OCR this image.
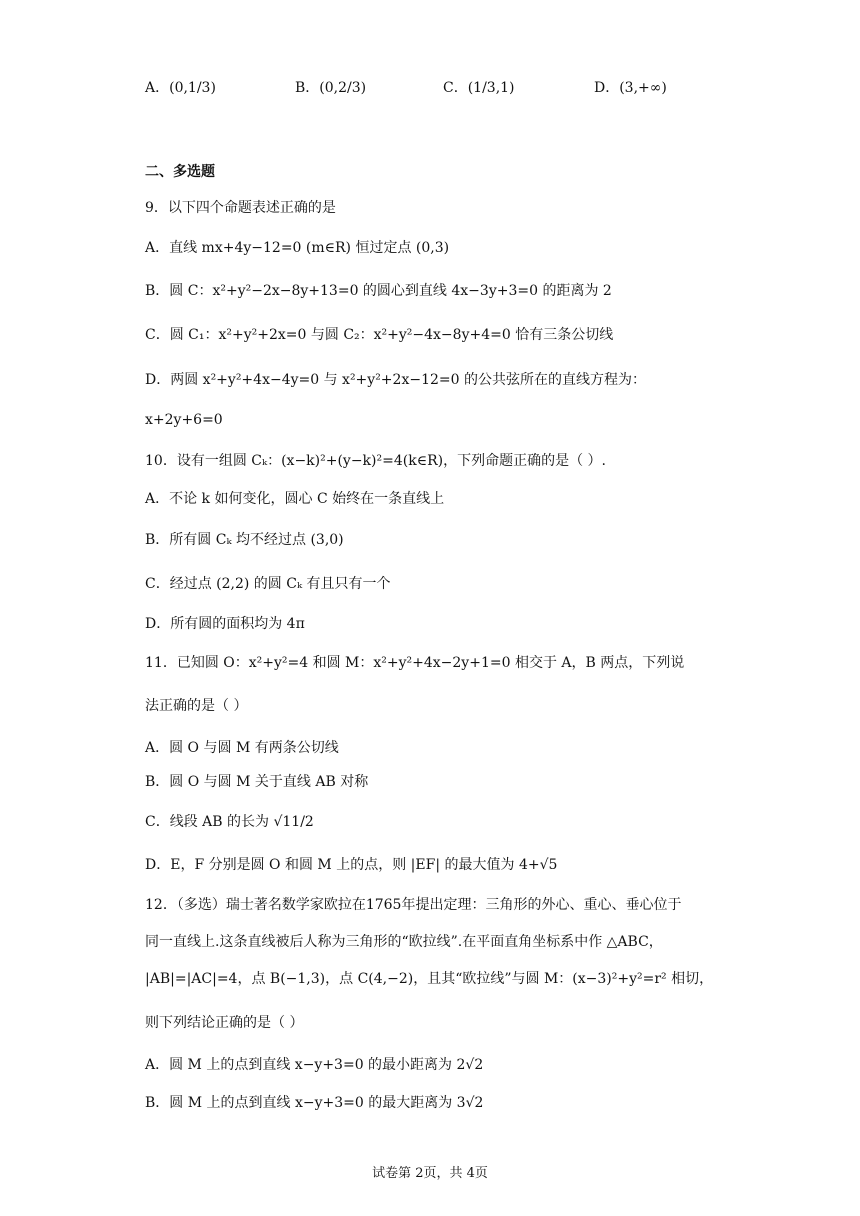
A．(0,1/3)	B．(0,2/3)	C．(1/3,1)	D．(3,+∞)
二、多选题
9．以下四个命题表述正确的是
A．直线 mx+4y−12=0 (m∈R) 恒过定点 (0,3)
B．圆 C：x²+y²−2x−8y+13=0 的圆心到直线 4x−3y+3=0 的距离为 2
C．圆 C₁：x²+y²+2x=0 与圆 C₂：x²+y²−4x−8y+4=0 恰有三条公切线
D．两圆 x²+y²+4x−4y=0 与 x²+y²+2x−12=0 的公共弦所在的直线方程为：
x+2y+6=0
10．设有一组圆 Cₖ：(x−k)²+(y−k)²=4(k∈R)，下列命题正确的是（ ）.
A．不论 k 如何变化，圆心 C 始终在一条直线上
B．所有圆 Cₖ 均不经过点 (3,0)
C．经过点 (2,2) 的圆 Cₖ 有且只有一个
D．所有圆的面积均为 4π
11．已知圆 O：x²+y²=4 和圆 M：x²+y²+4x−2y+1=0 相交于 A，B 两点，下列说
法正确的是（ ）
A．圆 O 与圆 M 有两条公切线
B．圆 O 与圆 M 关于直线 AB 对称
C．线段 AB 的长为 √11/2
D．E，F 分别是圆 O 和圆 M 上的点，则 |EF| 的最大值为 4+√5
12．（多选）瑞士著名数学家欧拉在1765年提出定理：三角形的外心、重心、垂心位于
同一直线上.这条直线被后人称为三角形的“欧拉线”.在平面直角坐标系中作 △ABC，
|AB|=|AC|=4，点 B(−1,3)，点 C(4,−2)，且其“欧拉线”与圆 M：(x−3)²+y²=r² 相切，
则下列结论正确的是（ ）
A．圆 M 上的点到直线 x−y+3=0 的最小距离为 2√2
B．圆 M 上的点到直线 x−y+3=0 的最大距离为 3√2
试卷第 2页，共 4页
